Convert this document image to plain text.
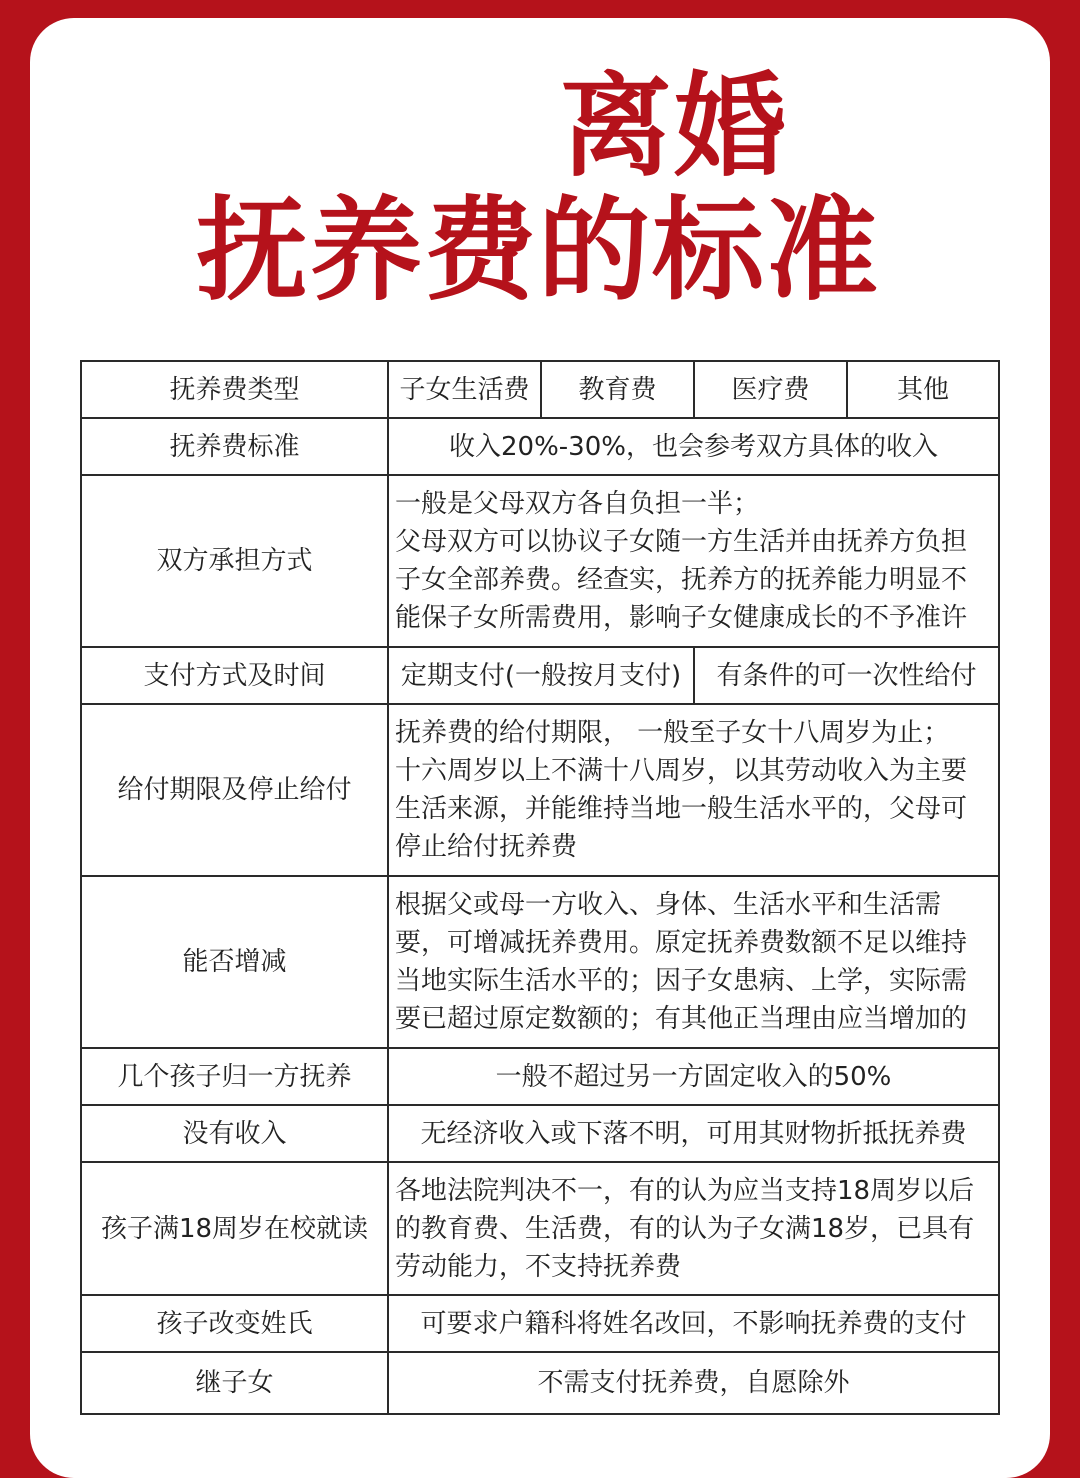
离婚
抚养费的标准
抚养费类型	子女生活费	教育费	医疗费	其他
抚养费标准	收入20%-30%，也会参考双方具体的收入			
双方承担方式	一般是父母双方各自负担一半；
父母双方可以协议子女随一方生活并由抚养方负担
子女全部养费。经查实，抚养方的抚养能力明显不
能保子女所需费用，影响子女健康成长的不予准许			

支付方式及时间	定期支付(一般按月支付)		有条件的可一次性给付	
给付期限及停止给付	抚养费的给付期限， 一般至子女十八周岁为止；
十六周岁以上不满十八周岁，以其劳动收入为主要
生活来源，并能维持当地一般生活水平的，父母可
停止给付抚养费			

能否增减	根据父或母一方收入、身体、生活水平和生活需
要，可增减抚养费用。原定抚养费数额不足以维持
当地实际生活水平的；因子女患病、上学，实际需
要已超过原定数额的；有其他正当理由应当增加的			

几个孩子归一方抚养	一般不超过另一方固定收入的50%			
没有收入	无经济收入或下落不明，可用其财物折抵抚养费			
孩子满18周岁在校就读	各地法院判决不一，有的认为应当支持18周岁以后
的教育费、生活费，有的认为子女满18岁，已具有
劳动能力，不支持抚养费			

孩子改变姓氏	可要求户籍科将姓名改回，不影响抚养费的支付			
继子女	不需支付抚养费，自愿除外			
